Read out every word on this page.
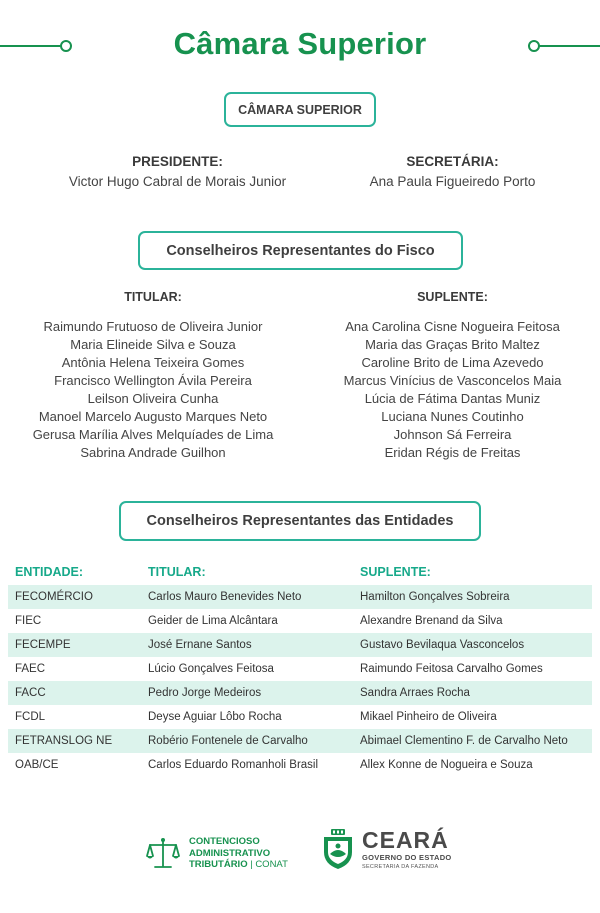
Câmara Superior
CÂMARA SUPERIOR
PRESIDENTE:
Victor Hugo Cabral de Morais Junior
SECRETÁRIA:
Ana Paula Figueiredo Porto
Conselheiros Representantes do Fisco
TITULAR:
Raimundo Frutuoso de Oliveira Junior
Maria Elineide Silva e Souza
Antônia Helena Teixeira Gomes
Francisco Wellington Ávila Pereira
Leilson Oliveira Cunha
Manoel Marcelo Augusto Marques Neto
Gerusa Marília Alves Melquíades de Lima
Sabrina Andrade Guilhon
SUPLENTE:
Ana Carolina Cisne Nogueira Feitosa
Maria das Graças Brito Maltez
Caroline Brito de Lima Azevedo
Marcus Vinícius de Vasconcelos Maia
Lúcia de Fátima Dantas Muniz
Luciana Nunes Coutinho
Johnson Sá Ferreira
Eridan Régis de Freitas
Conselheiros Representantes das Entidades
ENTIDADE:	TITULAR:	SUPLENTE:
FECOMÉRCIO	Carlos Mauro Benevides Neto	Hamilton Gonçalves Sobreira
FIEC	Geider de Lima Alcântara	Alexandre Brenand da Silva
FECEMPE	José Ernane Santos	Gustavo Bevilaqua Vasconcelos
FAEC	Lúcio Gonçalves Feitosa	Raimundo Feitosa Carvalho Gomes
FACC	Pedro Jorge Medeiros	Sandra Arraes Rocha
FCDL	Deyse Aguiar Lôbo Rocha	Mikael Pinheiro de Oliveira
FETRANSLOG NE	Robério Fontenele de Carvalho	Abimael Clementino F. de Carvalho Neto
OAB/CE	Carlos Eduardo Romanholi Brasil	Allex Konne de Nogueira e Souza
CONTENCIOSO
ADMINISTRATIVO
TRIBUTÁRIO | CONAT
CEARÁ
GOVERNO DO ESTADO
SECRETARIA DA FAZENDA
